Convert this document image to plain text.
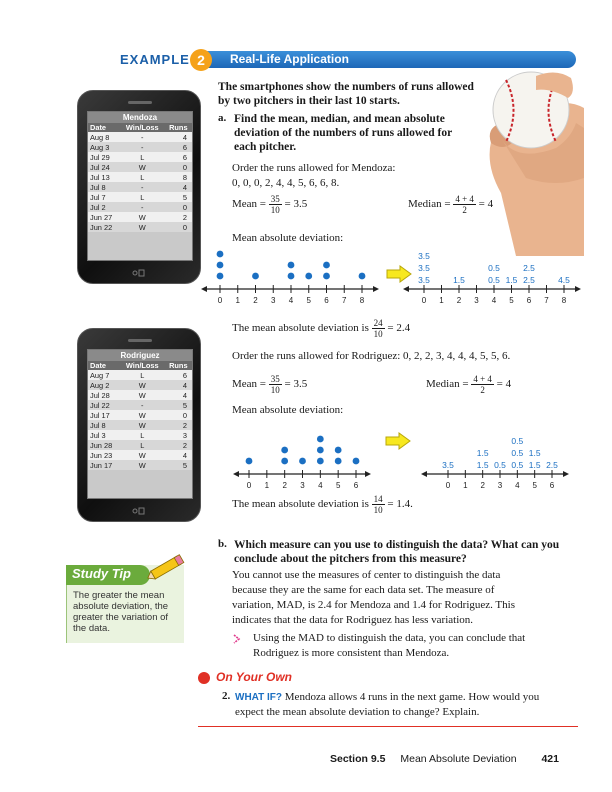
EXAMPLE 2	Real-Life Application
The smartphones show the numbers of runs allowed
by two pitchers in their last 10 starts.
Mendoza
Date	Win/Loss	Runs
Aug 8	-	4
Aug 3	-	6
Jul 29	L	6
Jul 24	W	0
Jul 13	L	8
Jul 8	-	4
Jul 7	L	5
Jul 2	-	0
Jun 27	W	2
Jun 22	W	0
Rodriguez
Date	Win/Loss	Runs
Aug 7	L	6
Aug 2	W	4
Jul 28	W	4
Jul 22	-	5
Jul 17	W	0
Jul 8	W	2
Jul 3	L	3
Jun 28	L	2
Jun 23	W	4
Jun 17	W	5
a. Find the mean, median, and mean absolute
deviation of the numbers of runs allowed for
each pitcher.
Order the runs allowed for Mendoza:
0, 0, 0, 2, 4, 4, 5, 6, 6, 8.
Mean = $\frac{35}{10} = 3.5$	Median = $\frac{4 + 4}{2} = 4$
Mean absolute deviation:
0 1 2 3 4 5 6 7 8	0 1 2 3 4 5 6 7 8
3.5
3.5
3.5
1.5	0.5
0.5
1.5 2.5
2.5
4.5
The mean absolute deviation is $\frac{24}{10} = 2.4$
Order the runs allowed for Rodriguez: 0, 2, 2, 3, 4, 4, 4, 5, 5, 6.
Mean = $\frac{35}{10} = 3.5$	Median = $\frac{4 + 4}{2} = 4$
Mean absolute deviation:
0 1 2 3 4 5 6	0 1 2 3 4 5 6
3.5	1.5
1.5
0.5 0.5
0.5
0.5
1.5
1.5
2.5
The mean absolute deviation is $\frac{14}{10} = 1.4$.
b. Which measure can you use to distinguish the data? What can you
conclude about the pitchers from this measure?
You cannot use the measures of center to distinguish the data
because they are the same for each data set. The measure of
variation, MAD, is 2.4 for Mendoza and 1.4 for Rodriguez. This
indicates that the data for Rodriguez has less variation.
Using the MAD to distinguish the data, you can conclude that
Rodriguez is more consistent than Mendoza.
Study Tip
The greater the mean
absolute deviation, the
greater the variation of
the data.
On Your Own
2. WHAT IF? Mendoza allows 4 runs in the next game. How would you
expect the mean absolute deviation to change? Explain.
Section 9.5 Mean Absolute Deviation 421
